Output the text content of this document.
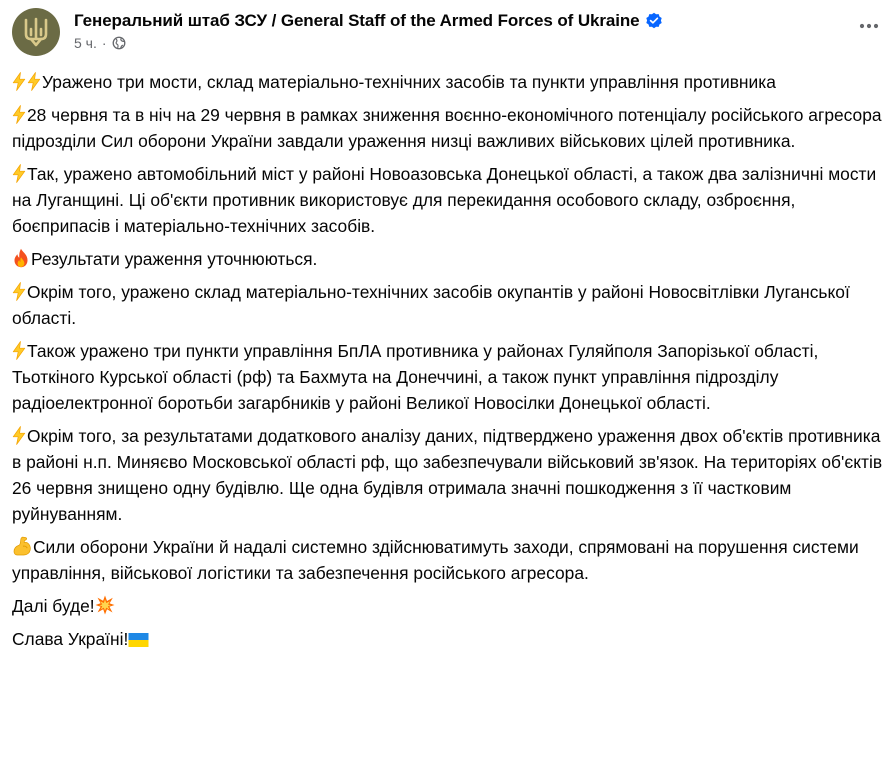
Генеральний штаб ЗСУ / General Staff of the Armed Forces of Ukraine
5 ч. ·
Уражено три мости, склад матеріально-технічних засобів та пункти управління противника
28 червня та в ніч на 29 червня в рамках зниження воєнно-економічного потенціалу російського агресора підрозділи Сил оборони України завдали ураження низці важливих військових цілей противника.
Так, уражено автомобільний міст у районі Новоазовська Донецької області, а також два залізничні мости на Луганщині. Ці об'єкти противник використовує для перекидання особового складу, озброєння, боєприпасів і матеріально-технічних засобів.
Результати ураження уточнюються.
Окрім того, уражено склад матеріально-технічних засобів окупантів у районі Новосвітлівки Луганської області.
Також уражено три пункти управління БпЛА противника у районах Гуляйполя Запорізької області, Тьоткіного Курської області (рф) та Бахмута на Донеччині, а також пункт управління підрозділу радіоелектронної боротьби загарбників у районі Великої Новосілки Донецької області.
Окрім того, за результатами додаткового аналізу даних, підтверджено ураження двох об'єктів противника в районі н.п. Миняєво Московської області рф, що забезпечували військовий зв'язок. На територіях об'єктів 26 червня знищено одну будівлю. Ще одна будівля отримала значні пошкодження з її частковим руйнуванням.
Сили оборони України й надалі системно здійснюватимуть заходи, спрямовані на порушення системи управління, військової логістики та забезпечення російського агресора.
Далі буде!
Слава Україні!
